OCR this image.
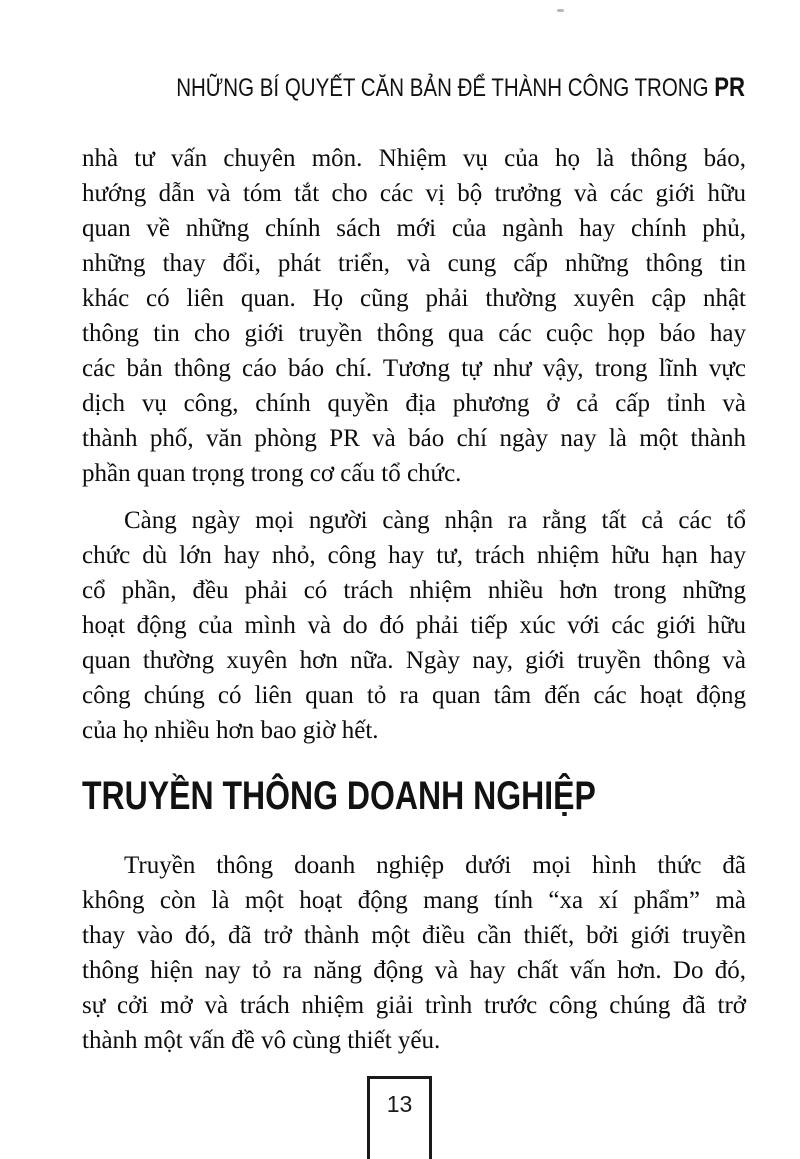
NHỮNG BÍ QUYẾT CĂN BẢN ĐỂ THÀNH CÔNG TRONG PR
nhà tư vấn chuyên môn. Nhiệm vụ của họ là thông báo,
hướng dẫn và tóm tắt cho các vị bộ trưởng và các giới hữu
quan về những chính sách mới của ngành hay chính phủ,
những thay đổi, phát triển, và cung cấp những thông tin
khác có liên quan. Họ cũng phải thường xuyên cập nhật
thông tin cho giới truyền thông qua các cuộc họp báo hay
các bản thông cáo báo chí. Tương tự như vậy, trong lĩnh vực
dịch vụ công, chính quyền địa phương ở cả cấp tỉnh và
thành phố, văn phòng PR và báo chí ngày nay là một thành
phần quan trọng trong cơ cấu tổ chức.
Càng ngày mọi người càng nhận ra rằng tất cả các tổ
chức dù lớn hay nhỏ, công hay tư, trách nhiệm hữu hạn hay
cổ phần, đều phải có trách nhiệm nhiều hơn trong những
hoạt động của mình và do đó phải tiếp xúc với các giới hữu
quan thường xuyên hơn nữa. Ngày nay, giới truyền thông và
công chúng có liên quan tỏ ra quan tâm đến các hoạt động
của họ nhiều hơn bao giờ hết.
TRUYỀN THÔNG DOANH NGHIỆP
Truyền thông doanh nghiệp dưới mọi hình thức đã
không còn là một hoạt động mang tính “xa xí phẩm” mà
thay vào đó, đã trở thành một điều cần thiết, bởi giới truyền
thông hiện nay tỏ ra năng động và hay chất vấn hơn. Do đó,
sự cởi mở và trách nhiệm giải trình trước công chúng đã trở
thành một vấn đề vô cùng thiết yếu.
13
